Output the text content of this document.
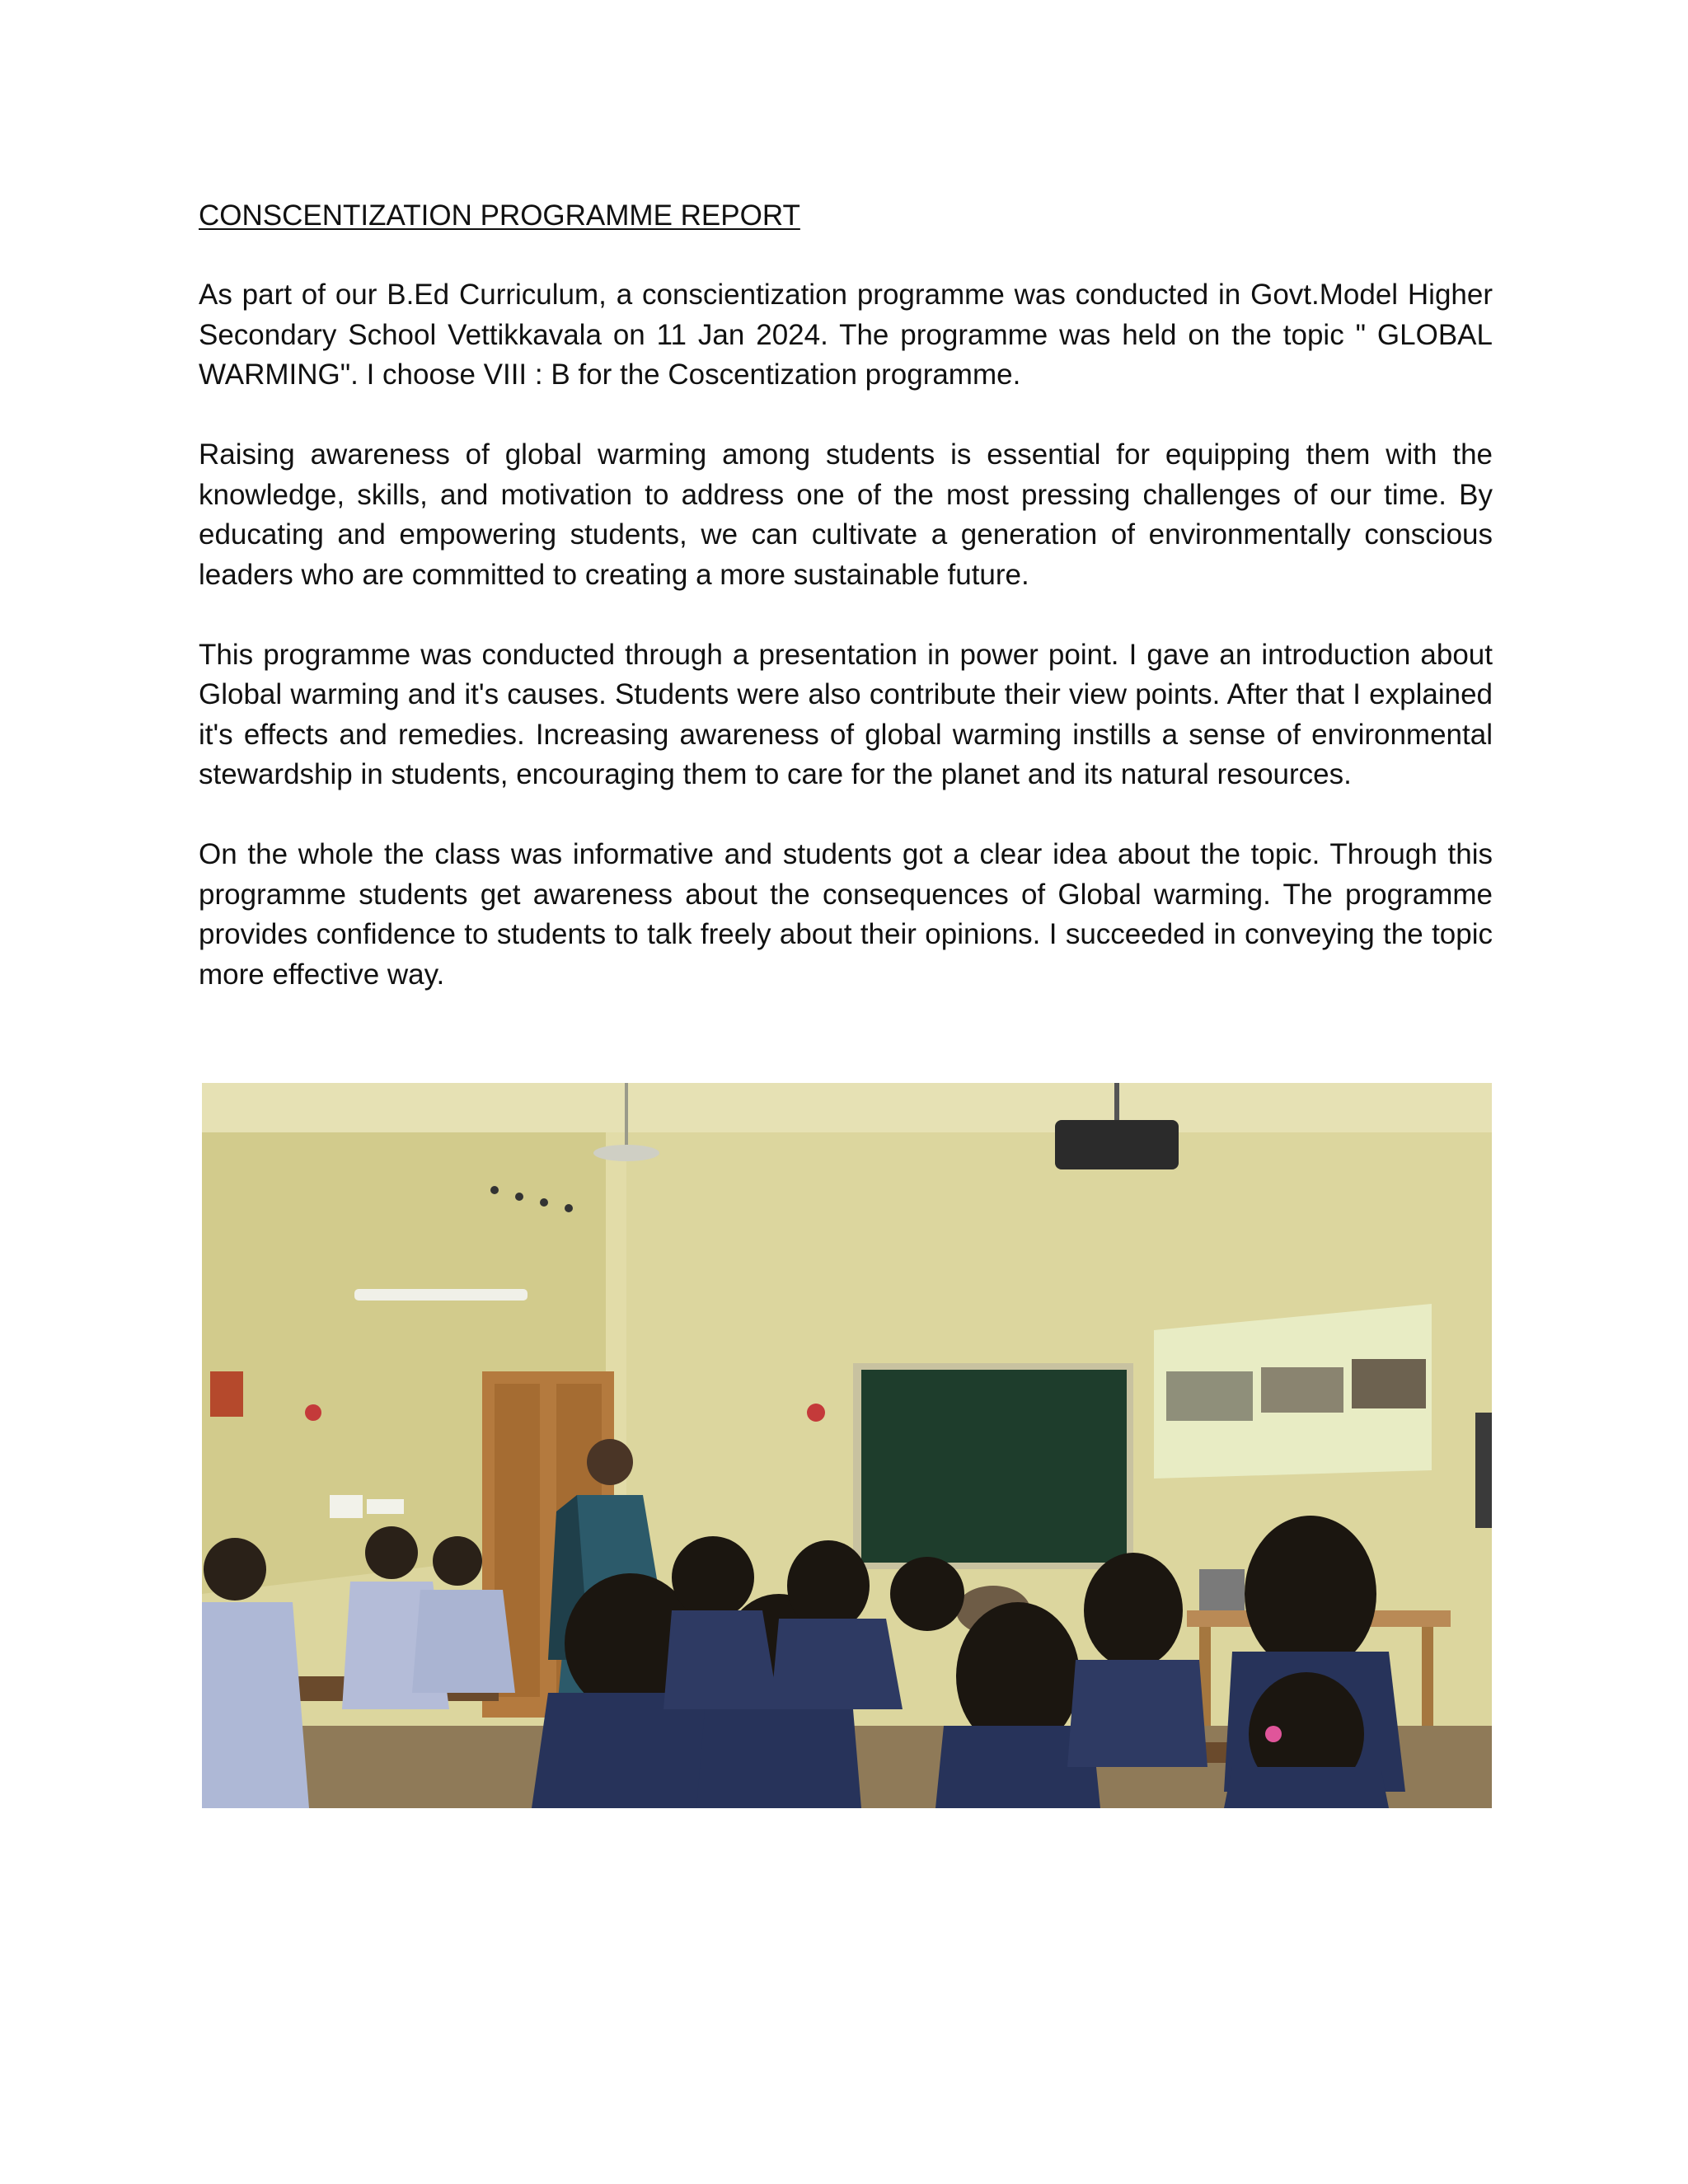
CONSCENTIZATION PROGRAMME REPORT

As part of our B.Ed Curriculum, a conscientization programme was conducted in Govt.Model Higher Secondary School Vettikkavala on 11 Jan 2024. The programme was held on the topic " GLOBAL WARMING". I choose VIII : B for the Coscentization programme.

Raising awareness of global warming among students is essential for equipping them with the knowledge, skills, and motivation to address one of the most pressing challenges of our time. By educating and empowering students, we can cultivate a generation of environmentally conscious leaders who are committed to creating a more sustainable future.

This programme was conducted through a presentation in power point. I gave an introduction about Global warming and it's causes. Students were also contribute their view points. After that I explained it's effects and remedies. Increasing awareness of global warming instills a sense of environmental stewardship in students, encouraging them to care for the planet and its natural resources.

On the whole the class was informative and students got a clear idea about the topic. Through this programme students get awareness about the consequences of Global warming. The programme provides confidence to students to talk freely about their opinions. I succeeded in conveying the topic more effective way.
